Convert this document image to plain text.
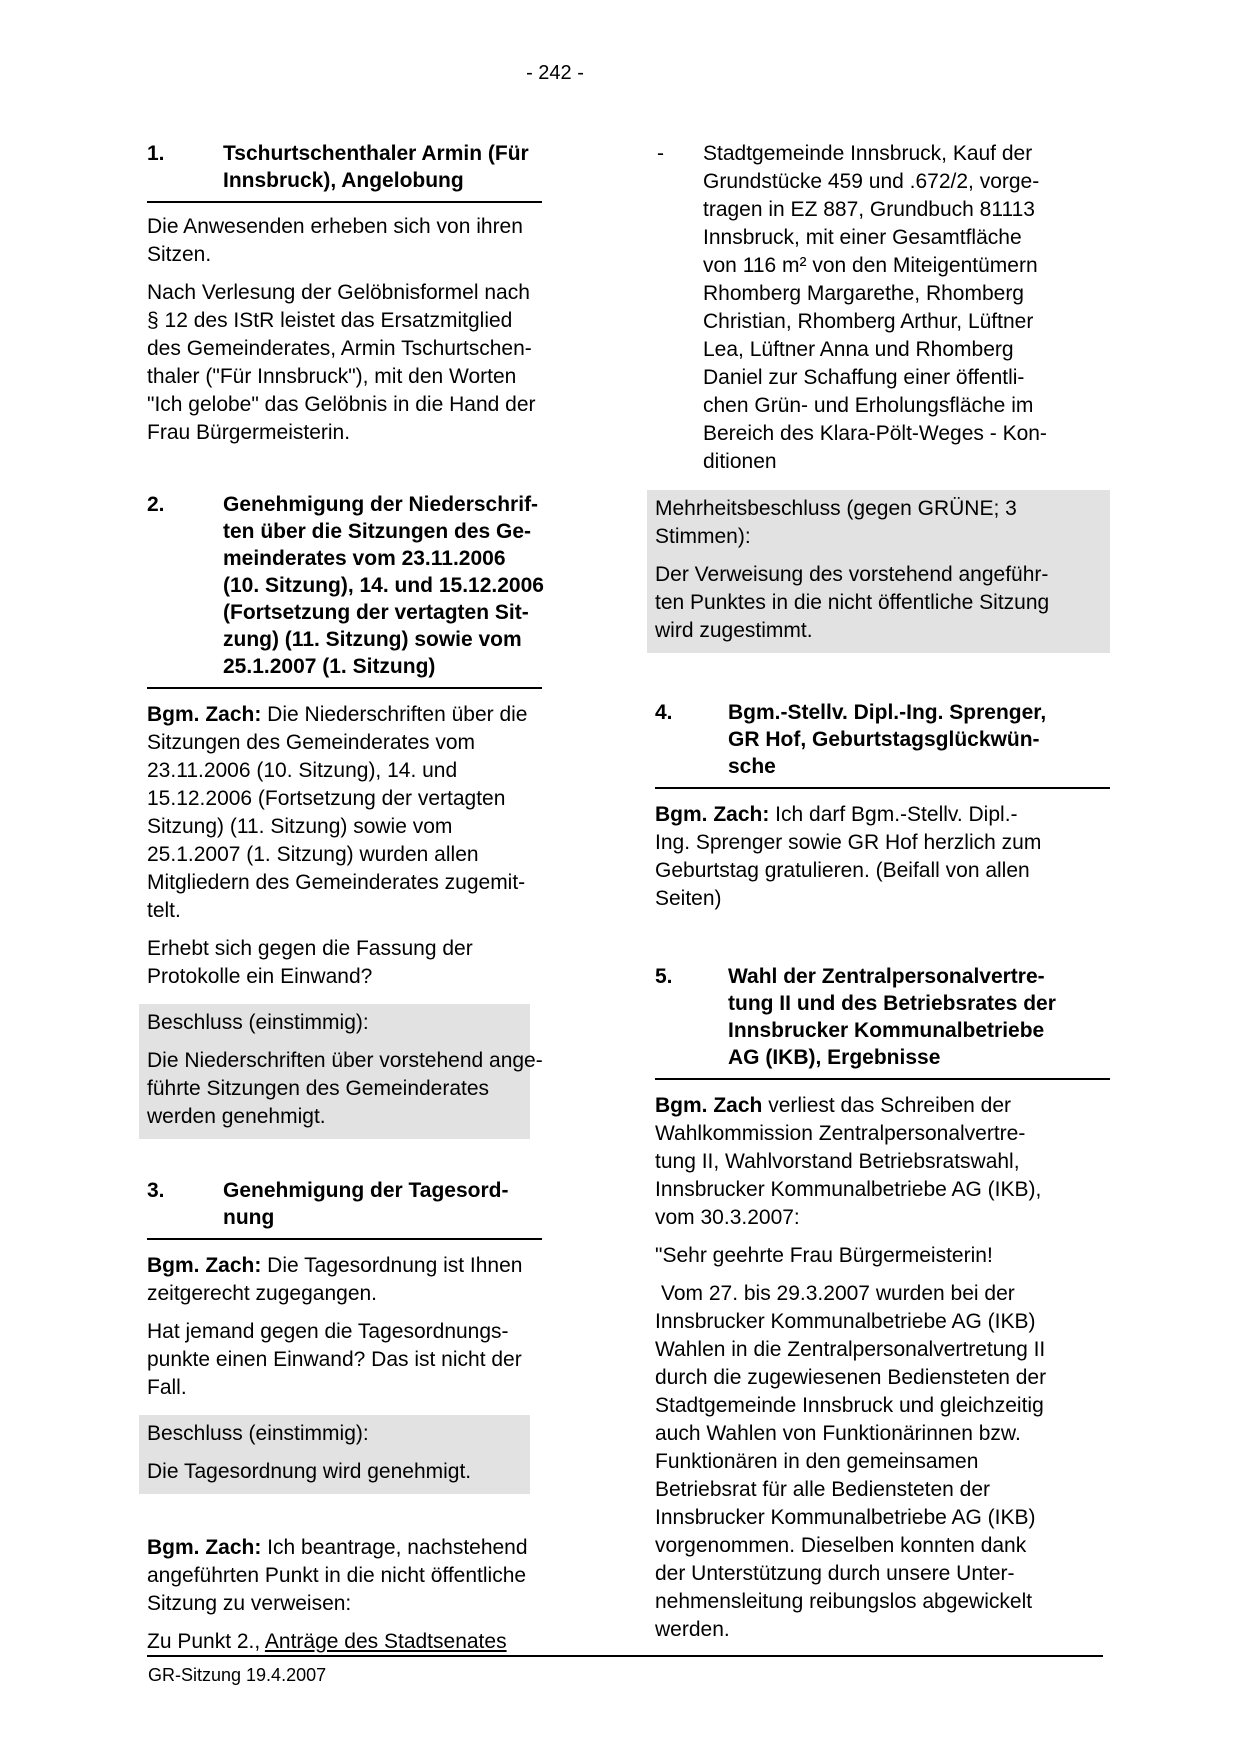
- 242 -
1.	Tschurtschenthaler Armin (Für
Innsbruck), Angelobung
Die Anwesenden erheben sich von ihren
Sitzen.
Nach Verlesung der Gelöbnisformel nach
§ 12 des IStR leistet das Ersatzmitglied
des Gemeinderates, Armin Tschurtschen-
thaler ("Für Innsbruck"), mit den Worten
"Ich gelobe" das Gelöbnis in die Hand der
Frau Bürgermeisterin.
2.	Genehmigung der Niederschrif-
ten über die Sitzungen des Ge-
meinderates vom 23.11.2006
(10. Sitzung), 14. und 15.12.2006
(Fortsetzung der vertagten Sit-
zung) (11. Sitzung) sowie vom
25.1.2007 (1. Sitzung)
Bgm. Zach: Die Niederschriften über die
Sitzungen des Gemeinderates vom
23.11.2006 (10. Sitzung), 14. und
15.12.2006 (Fortsetzung der vertagten
Sitzung) (11. Sitzung) sowie vom
25.1.2007 (1. Sitzung) wurden allen
Mitgliedern des Gemeinderates zugemit-
telt.
Erhebt sich gegen die Fassung der
Protokolle ein Einwand?
Beschluss (einstimmig):
Die Niederschriften über vorstehend ange-
führte Sitzungen des Gemeinderates
werden genehmigt.
3.	Genehmigung der Tagesord-
nung
Bgm. Zach: Die Tagesordnung ist Ihnen
zeitgerecht zugegangen.
Hat jemand gegen die Tagesordnungs-
punkte einen Einwand? Das ist nicht der
Fall.
Beschluss (einstimmig):
Die Tagesordnung wird genehmigt.
Bgm. Zach: Ich beantrage, nachstehend
angeführten Punkt in die nicht öffentliche
Sitzung zu verweisen:
Zu Punkt 2., Anträge des Stadtsenates
- Stadtgemeinde Innsbruck, Kauf der
Grundstücke 459 und .672/2, vorge-
tragen in EZ 887, Grundbuch 81113
Innsbruck, mit einer Gesamtfläche
von 116 m² von den Miteigentümern
Rhomberg Margarethe, Rhomberg
Christian, Rhomberg Arthur, Lüftner
Lea, Lüftner Anna und Rhomberg
Daniel zur Schaffung einer öffentli-
chen Grün- und Erholungsfläche im
Bereich des Klara-Pölt-Weges - Kon-
ditionen
Mehrheitsbeschluss (gegen GRÜNE; 3
Stimmen):
Der Verweisung des vorstehend angeführ-
ten Punktes in die nicht öffentliche Sitzung
wird zugestimmt.
4.	Bgm.-Stellv. Dipl.-Ing. Sprenger,
GR Hof, Geburtstagsglückwün-
sche
Bgm. Zach: Ich darf Bgm.-Stellv. Dipl.-
Ing. Sprenger sowie GR Hof herzlich zum
Geburtstag gratulieren. (Beifall von allen
Seiten)
5.	Wahl der Zentralpersonalvertre-
tung II und des Betriebsrates der
Innsbrucker Kommunalbetriebe
AG (IKB), Ergebnisse
Bgm. Zach verliest das Schreiben der
Wahlkommission Zentralpersonalvertre-
tung II, Wahlvorstand Betriebsratswahl,
Innsbrucker Kommunalbetriebe AG (IKB),
vom 30.3.2007:
"Sehr geehrte Frau Bürgermeisterin!
Vom 27. bis 29.3.2007 wurden bei der
Innsbrucker Kommunalbetriebe AG (IKB)
Wahlen in die Zentralpersonalvertretung II
durch die zugewiesenen Bediensteten der
Stadtgemeinde Innsbruck und gleichzeitig
auch Wahlen von Funktionärinnen bzw.
Funktionären in den gemeinsamen
Betriebsrat für alle Bediensteten der
Innsbrucker Kommunalbetriebe AG (IKB)
vorgenommen. Dieselben konnten dank
der Unterstützung durch unsere Unter-
nehmensleitung reibungslos abgewickelt
werden.
GR-Sitzung 19.4.2007
